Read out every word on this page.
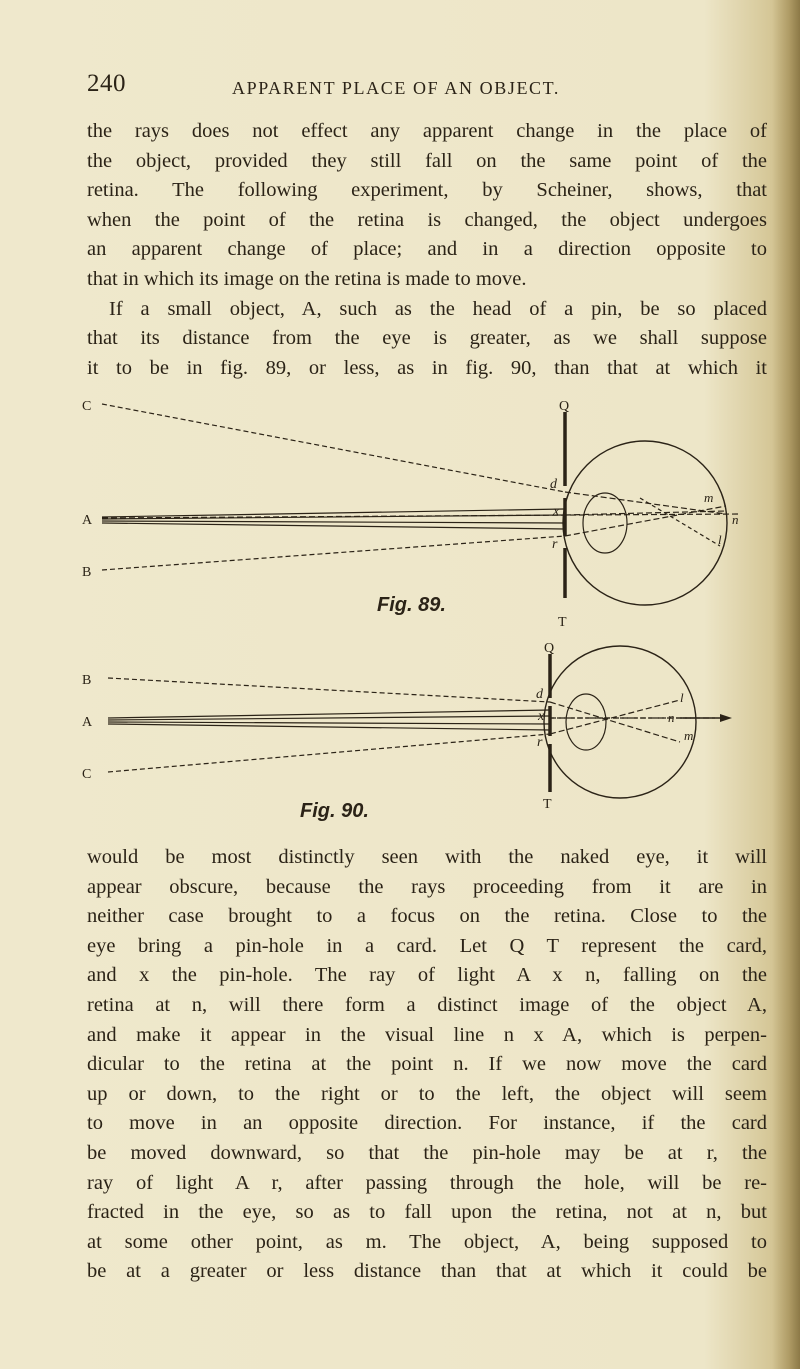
240	APPARENT PLACE OF AN OBJECT.
the rays does not effect any apparent change in the place of
the object, provided they still fall on the same point of the
retina. The following experiment, by Scheiner, shows, that
when the point of the retina is changed, the object undergoes
an apparent change of place; and in a direction opposite to
that in which its image on the retina is made to move.
If a small object, A, such as the head of a pin, be so placed
that its distance from the eye is greater, as we shall suppose
it to be in fig. 89, or less, as in fig. 90, than that at which it
C
A
B
Q
T
d
x
r
m
n
l
Fig. 89.
B
A
C
Q
T
d
x
r
l
n
m
Fig. 90.
would be most distinctly seen with the naked eye, it will
appear obscure, because the rays proceeding from it are in
neither case brought to a focus on the retina. Close to the
eye bring a pin-hole in a card. Let Q T represent the card,
and x the pin-hole. The ray of light A x n, falling on the
retina at n, will there form a distinct image of the object A,
and make it appear in the visual line n x A, which is perpen-
dicular to the retina at the point n. If we now move the card
up or down, to the right or to the left, the object will seem
to move in an opposite direction. For instance, if the card
be moved downward, so that the pin-hole may be at r, the
ray of light A r, after passing through the hole, will be re-
fracted in the eye, so as to fall upon the retina, not at n, but
at some other point, as m. The object, A, being supposed to
be at a greater or less distance than that at which it could be
